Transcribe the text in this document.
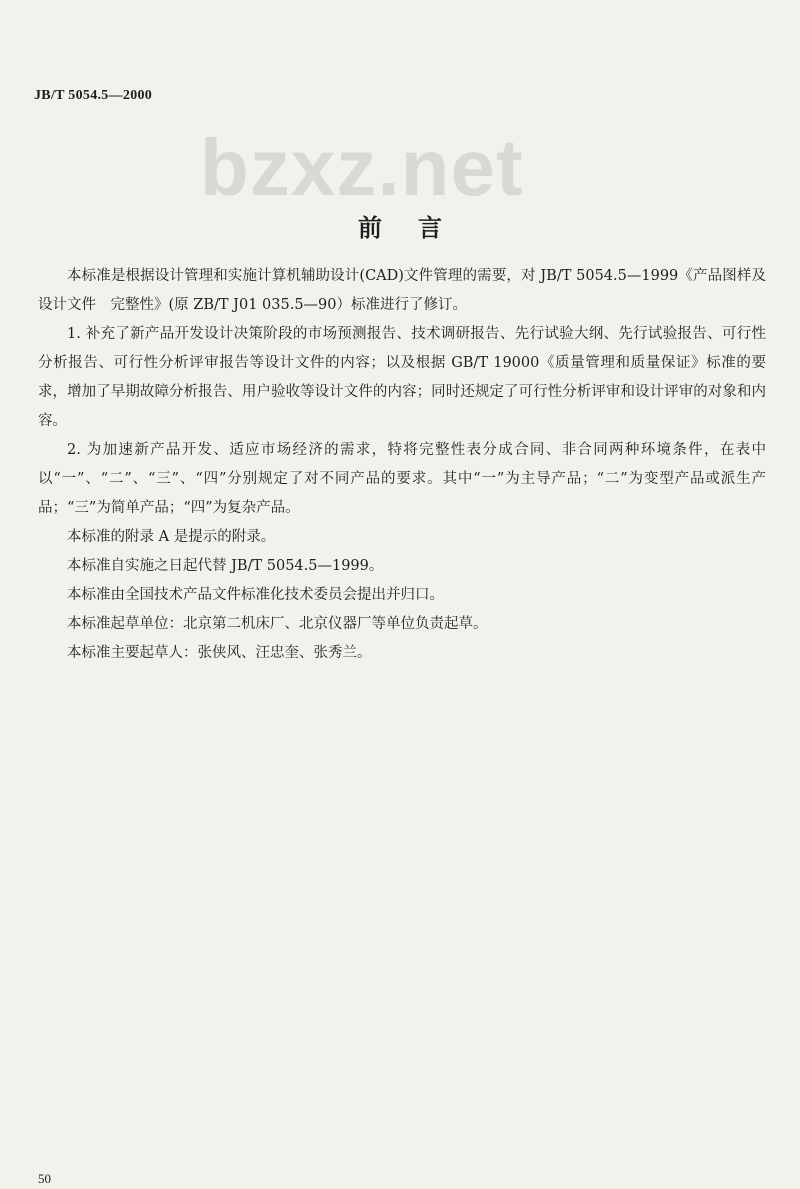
JB/T 5054.5—2000
bzxz.net
前言

本标准是根据设计管理和实施计算机辅助设计(CAD)文件管理的需要，对 JB/T 5054.5—1999《产品图样及设计文件　完整性》(原 ZB/T J01 035.5—90）标准进行了修订。

1. 补充了新产品开发设计决策阶段的市场预测报告、技术调研报告、先行试验大纲、先行试验报告、可行性分析报告、可行性分析评审报告等设计文件的内容；以及根据 GB/T 19000《质量管理和质量保证》标准的要求，增加了早期故障分析报告、用户验收等设计文件的内容；同时还规定了可行性分析评审和设计评审的对象和内容。

2. 为加速新产品开发、适应市场经济的需求，特将完整性表分成合同、非合同两种环境条件，在表中以“一”、“二”、“三”、“四”分别规定了对不同产品的要求。其中“一”为主导产品；“二”为变型产品或派生产品；“三”为简单产品；“四”为复杂产品。

本标准的附录 A 是提示的附录。

本标准自实施之日起代替 JB/T 5054.5—1999。

本标准由全国技术产品文件标准化技术委员会提出并归口。

本标准起草单位：北京第二机床厂、北京仪器厂等单位负责起草。

本标准主要起草人：张侠风、汪忠奎、张秀兰。

50
